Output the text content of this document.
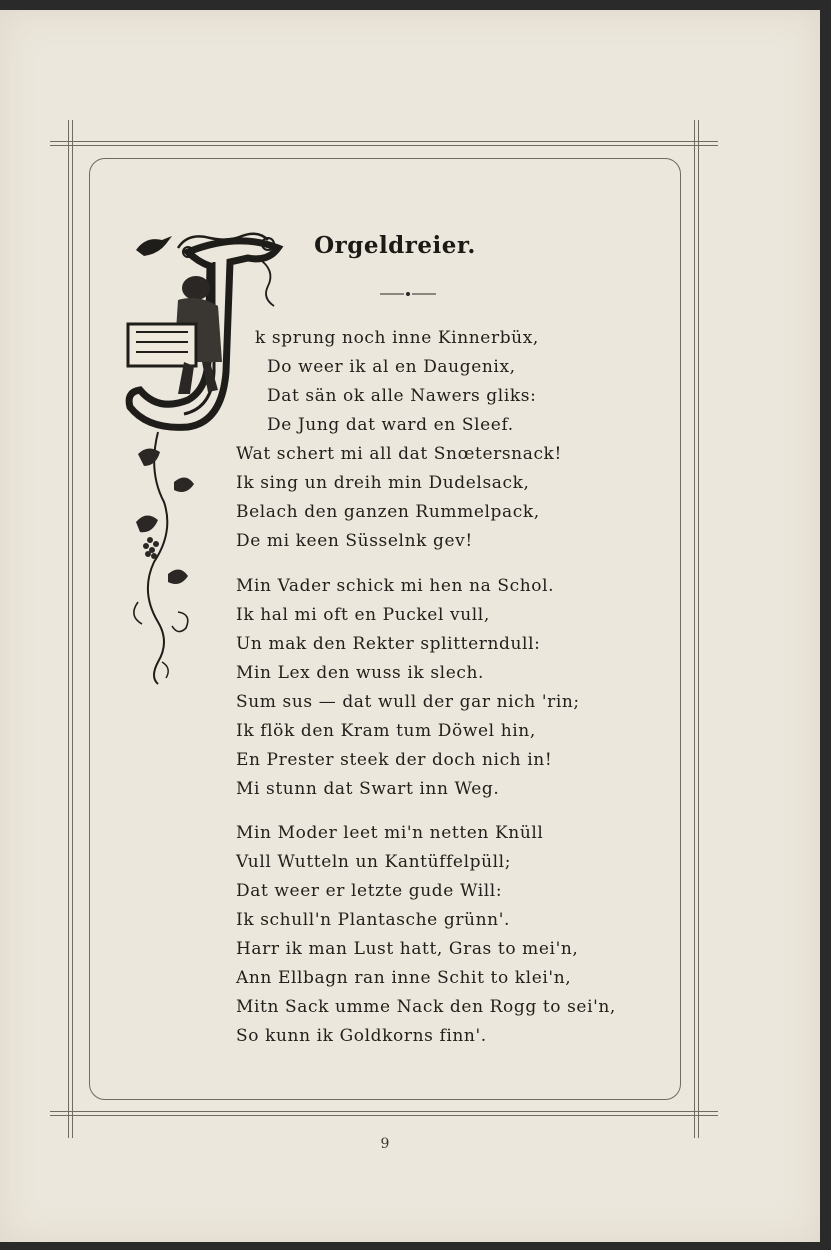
Orgeldreier.
k sprung noch inne Kinnerbüx,
Do weer ik al en Daugenix,
Dat sän ok alle Nawers gliks:
De Jung dat ward en Sleef.
Wat schert mi all dat Snœtersnack!
Ik sing un dreih min Dudelsack,
Belach den ganzen Rummelpack,
De mi keen Süsselnk gev!
Min Vader schick mi hen na Schol.
Ik hal mi oft en Puckel vull,
Un mak den Rekter splitterndull:
Min Lex den wuss ik slech.
Sum sus — dat wull der gar nich 'rin;
Ik flök den Kram tum Döwel hin,
En Prester steek der doch nich in!
Mi stunn dat Swart inn Weg.
Min Moder leet mi'n netten Knüll
Vull Wutteln un Kantüffelpüll;
Dat weer er letzte gude Will:
Ik schull'n Plantasche grünn'.
Harr ik man Lust hatt, Gras to mei'n,
Ann Ellbagn ran inne Schit to klei'n,
Mitn Sack umme Nack den Rogg to sei'n,
So kunn ik Goldkorns finn'.
9
